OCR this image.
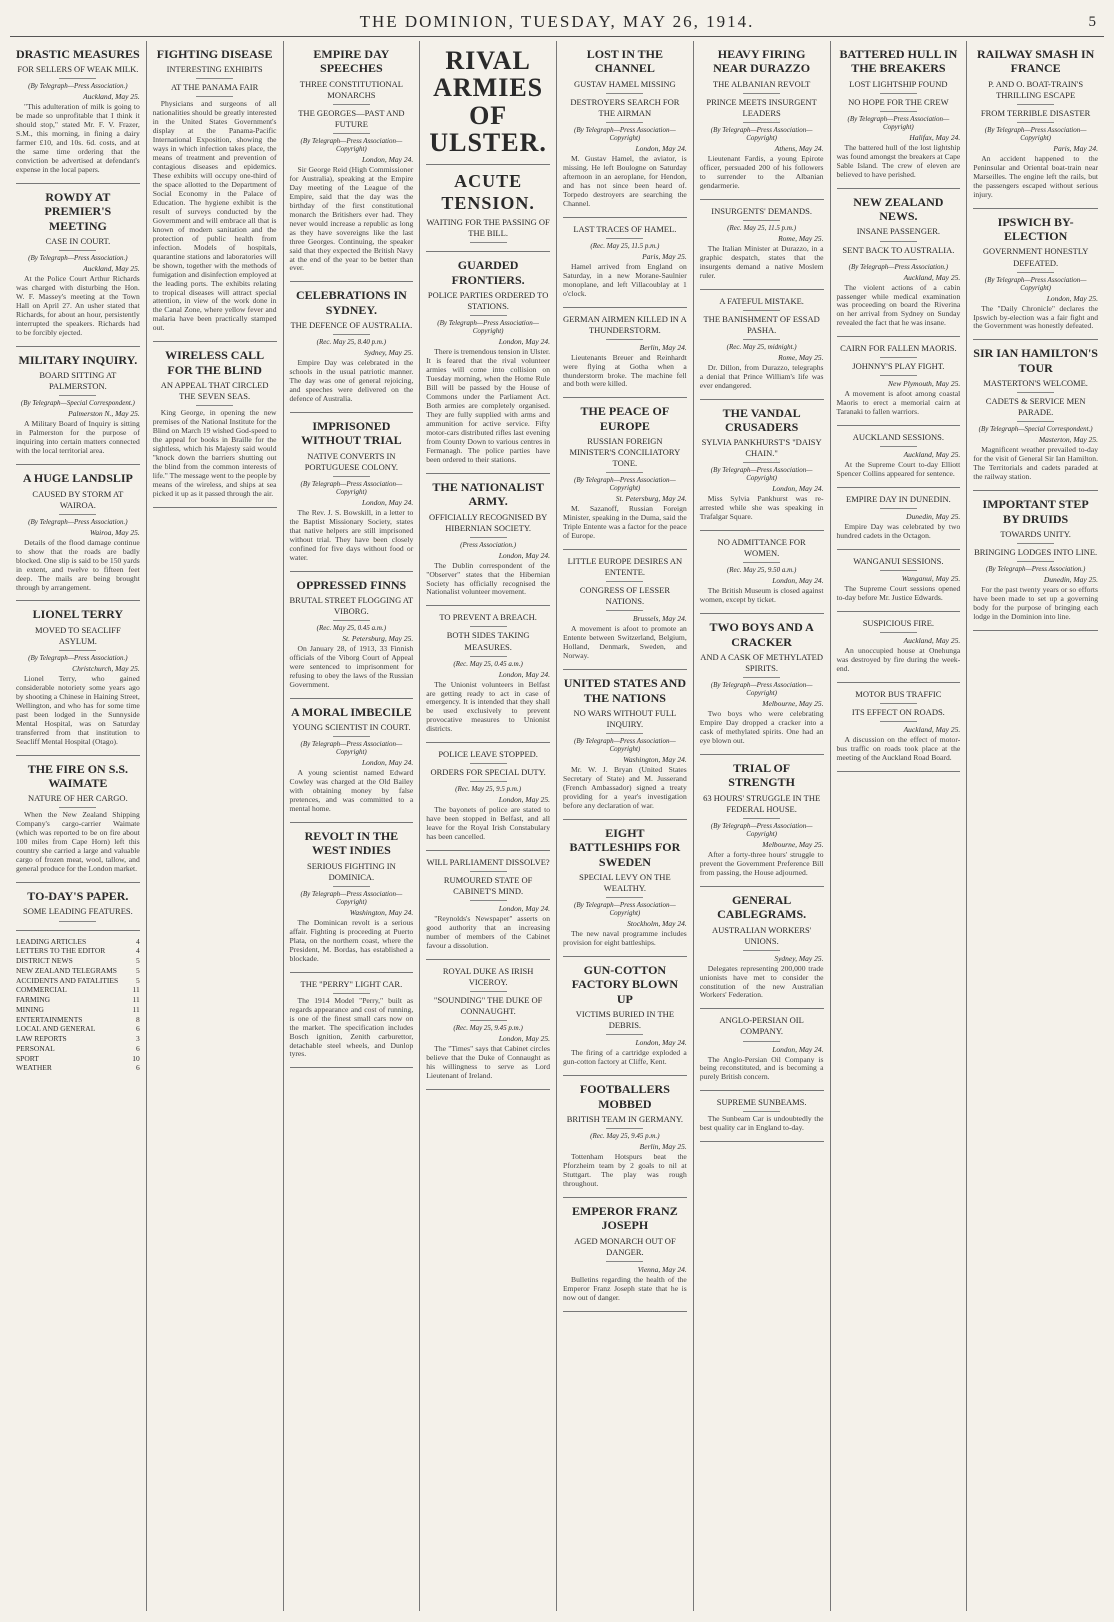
THE DOMINION, TUESDAY, MAY 26, 1914.	5
DRASTIC MEASURES
FOR SELLERS OF WEAK MILK.
(By Telegraph—Press Association.)
Auckland, May 25.
"This adulteration of milk is going to be made so unprofitable that I think it should stop," stated Mr. F. V. Frazer, S.M., this morning, in fining a dairy farmer £10, and 10s. 6d. costs, and at the same time ordering that the conviction be advertised at defendant's expense in the local papers.
ROWDY AT PREMIER'S MEETING
CASE IN COURT.
(By Telegraph—Press Association.)
Auckland, May 25.
At the Police Court Arthur Richards was charged with disturbing the Hon. W. F. Massey's meeting at the Town Hall on April 27. An usher stated that Richards, for about an hour, persistently interrupted the speakers. Richards had to be forcibly ejected.
MILITARY INQUIRY.
BOARD SITTING AT PALMERSTON.
(By Telegraph—Special Correspondent.)
Palmerston N., May 25.
A Military Board of Inquiry is sitting in Palmerston for the purpose of inquiring into certain matters connected with the local territorial area.
A HUGE LANDSLIP
CAUSED BY STORM AT WAIROA.
(By Telegraph—Press Association.)
Wairoa, May 25.
Details of the flood damage continue to show that the roads are badly blocked. One slip is said to be 150 yards in extent, and twelve to fifteen feet deep. The mails are being brought through by arrangement.
LIONEL TERRY
MOVED TO SEACLIFF ASYLUM.
(By Telegraph—Press Association.)
Christchurch, May 25.
Lionel Terry, who gained considerable notoriety some years ago by shooting a Chinese in Haining Street, Wellington, and who has for some time past been lodged in the Sunnyside Mental Hospital, was on Saturday transferred from that institution to Seacliff Mental Hospital (Otago).
THE FIRE ON S.S. WAIMATE
NATURE OF HER CARGO.
When the New Zealand Shipping Company's cargo-carrier Waimate (which was reported to be on fire about 100 miles from Cape Horn) left this country she carried a large and valuable cargo of frozen meat, wool, tallow, and general produce for the London market.
TO-DAY'S PAPER.
SOME LEADING FEATURES.
LEADING ARTICLES	4
LETTERS TO THE EDITOR	4
DISTRICT NEWS	5
NEW ZEALAND TELEGRAMS	5
ACCIDENTS AND FATALITIES 5
COMMERCIAL	11
FARMING	11
MINING	11
ENTERTAINMENTS	8
LOCAL AND GENERAL	6
LAW REPORTS	3
PERSONAL	6
SPORT	10
WEATHER	6
FIGHTING DISEASE
INTERESTING EXHIBITS
AT THE PANAMA FAIR
Physicians and surgeons of all nationalities should be greatly interested in the United States Government's display at the Panama-Pacific International Exposition, showing the ways in which infection takes place, the means of treatment and prevention of contagious diseases and epidemics. These exhibits will occupy one-third of the space allotted to the Department of Social Economy in the Palace of Education. The hygiene exhibit is the result of surveys conducted by the Government and will embrace all that is known of modern sanitation and the protection of public health from infection. Models of hospitals, quarantine stations and laboratories will be shown, together with the methods of fumigation and disinfection employed at the leading ports. The exhibits relating to tropical diseases will attract special attention, in view of the work done in the Canal Zone, where yellow fever and malaria have been practically stamped out.
WIRELESS CALL FOR THE BLIND
AN APPEAL THAT CIRCLED THE SEVEN SEAS.
King George, in opening the new premises of the National Institute for the Blind on March 19 wished God-speed to the appeal for books in Braille for the sightless, which his Majesty said would "knock down the barriers shutting out the blind from the common interests of life." The message went to the people by means of the wireless, and ships at sea picked it up as it passed through the air.
EMPIRE DAY SPEECHES
THREE CONSTITUTIONAL MONARCHS
THE GEORGES—PAST AND FUTURE
(By Telegraph—Press Association—Copyright)
London, May 24.
Sir George Reid (High Commissioner for Australia), speaking at the Empire Day meeting of the League of the Empire, said that the day was the birthday of the first constitutional monarch the Britishers ever had. They never would increase a republic as long as they have sovereigns like the last three Georges. Continuing, the speaker said that they expected the British Navy at the end of the year to be better than ever.
CELEBRATIONS IN SYDNEY.
THE DEFENCE OF AUSTRALIA.
(Rec. May 25, 8.40 p.m.)
Sydney, May 25.
Empire Day was celebrated in the schools in the usual patriotic manner. The day was one of general rejoicing, and speeches were delivered on the defence of Australia.
IMPRISONED WITHOUT TRIAL
NATIVE CONVERTS IN PORTUGUESE COLONY.
(By Telegraph—Press Association—Copyright)
London, May 24.
The Rev. J. S. Bowskill, in a letter to the Baptist Missionary Society, states that native helpers are still imprisoned without trial. They have been closely confined for five days without food or water.
OPPRESSED FINNS
BRUTAL STREET FLOGGING AT VIBORG.
(Rec. May 25, 0.45 a.m.)
St. Petersburg, May 25.
On January 28, of 1913, 33 Finnish officials of the Viborg Court of Appeal were sentenced to imprisonment for refusing to obey the laws of the Russian Government.
A MORAL IMBECILE
YOUNG SCIENTIST IN COURT.
(By Telegraph—Press Association—Copyright)
London, May 24.
A young scientist named Edward Cowley was charged at the Old Bailey with obtaining money by false pretences, and was committed to a mental home.
REVOLT IN THE WEST INDIES
SERIOUS FIGHTING IN DOMINICA.
(By Telegraph—Press Association—Copyright)
Washington, May 24.
The Dominican revolt is a serious affair. Fighting is proceeding at Puerto Plata, on the northern coast, where the President, M. Bordas, has established a blockade.
THE "PERRY" LIGHT CAR.
The 1914 Model "Perry," built as regards appearance and cost of running, is one of the finest small cars now on the market. The specification includes Bosch ignition, Zenith carburettor, detachable steel wheels, and Dunlop tyres.
RIVAL ARMIES OF ULSTER.
ACUTE TENSION.
WAITING FOR THE PASSING OF THE BILL.
GUARDED FRONTIERS.
POLICE PARTIES ORDERED TO STATIONS.
(By Telegraph—Press Association—Copyright)
London, May 24.
There is tremendous tension in Ulster. It is feared that the rival volunteer armies will come into collision on Tuesday morning, when the Home Rule Bill will be passed by the House of Commons under the Parliament Act. Both armies are completely organised. They are fully supplied with arms and ammunition for active service. Fifty motor-cars distributed rifles last evening from County Down to various centres in Fermanagh. The police parties have been ordered to their stations.
THE NATIONALIST ARMY.
OFFICIALLY RECOGNISED BY HIBERNIAN SOCIETY.
(Press Association.)
London, May 24.
The Dublin correspondent of the "Observer" states that the Hibernian Society has officially recognised the Nationalist volunteer movement.
TO PREVENT A BREACH.
BOTH SIDES TAKING MEASURES.
(Rec. May 25, 0.45 a.m.)
London, May 24.
The Unionist volunteers in Belfast are getting ready to act in case of emergency. It is intended that they shall be used exclusively to prevent provocative measures to Unionist districts.
POLICE LEAVE STOPPED.
ORDERS FOR SPECIAL DUTY.
(Rec. May 25, 9.5 p.m.)
London, May 25.
The bayonets of police are stated to have been stopped in Belfast, and all leave for the Royal Irish Constabulary has been cancelled.
WILL PARLIAMENT DISSOLVE?
RUMOURED STATE OF CABINET'S MIND.
London, May 24.
"Reynolds's Newspaper" asserts on good authority that an increasing number of members of the Cabinet favour a dissolution.
ROYAL DUKE AS IRISH VICEROY.
"SOUNDING" THE DUKE OF CONNAUGHT.
(Rec. May 25, 9.45 p.m.)
London, May 25.
The "Times" says that Cabinet circles believe that the Duke of Connaught as his willingness to serve as Lord Lieutenant of Ireland.
LOST IN THE CHANNEL
GUSTAV HAMEL MISSING
DESTROYERS SEARCH FOR THE AIRMAN
(By Telegraph—Press Association—Copyright)
London, May 24.
M. Gustav Hamel, the aviator, is missing. He left Boulogne on Saturday afternoon in an aeroplane, for Hendon, and has not since been heard of. Torpedo destroyers are searching the Channel.
LAST TRACES OF HAMEL.
(Rec. May 25, 11.5 p.m.)
Paris, May 25.
Hamel arrived from England on Saturday, in a new Morane-Saulnier monoplane, and left Villacoublay at 1 o'clock.
GERMAN AIRMEN KILLED IN A THUNDERSTORM.
Berlin, May 24.
Lieutenants Breuer and Reinhardt were flying at Gotha when a thunderstorm broke. The machine fell and both were killed.
THE PEACE OF EUROPE
RUSSIAN FOREIGN MINISTER'S CONCILIATORY TONE.
(By Telegraph—Press Association—Copyright)
St. Petersburg, May 24.
M. Sazanoff, Russian Foreign Minister, speaking in the Duma, said the Triple Entente was a factor for the peace of Europe.
LITTLE EUROPE DESIRES AN ENTENTE.
CONGRESS OF LESSER NATIONS.
Brussels, May 24.
A movement is afoot to promote an Entente between Switzerland, Belgium, Holland, Denmark, Sweden, and Norway.
UNITED STATES AND THE NATIONS
NO WARS WITHOUT FULL INQUIRY.
(By Telegraph—Press Association—Copyright)
Washington, May 24.
Mr. W. J. Bryan (United States Secretary of State) and M. Jusserand (French Ambassador) signed a treaty providing for a year's investigation before any declaration of war.
EIGHT BATTLESHIPS FOR SWEDEN
SPECIAL LEVY ON THE WEALTHY.
(By Telegraph—Press Association—Copyright)
Stockholm, May 24.
The new naval programme includes provision for eight battleships.
GUN-COTTON FACTORY BLOWN UP
VICTIMS BURIED IN THE DEBRIS.
London, May 24.
The firing of a cartridge exploded a gun-cotton factory at Cliffe, Kent.
FOOTBALLERS MOBBED
BRITISH TEAM IN GERMANY.
(Rec. May 25, 9.45 p.m.)
Berlin, May 25.
Tottenham Hotspurs beat the Pforzheim team by 2 goals to nil at Stuttgart. The play was rough throughout.
EMPEROR FRANZ JOSEPH
AGED MONARCH OUT OF DANGER.
Vienna, May 24.
Bulletins regarding the health of the Emperor Franz Joseph state that he is now out of danger.
HEAVY FIRING NEAR DURAZZO
THE ALBANIAN REVOLT
PRINCE MEETS INSURGENT LEADERS
(By Telegraph—Press Association—Copyright)
Athens, May 24.
Lieutenant Fardis, a young Epirote officer, persuaded 200 of his followers to surrender to the Albanian gendarmerie.
INSURGENTS' DEMANDS.
(Rec. May 25, 11.5 p.m.)
Rome, May 25.
The Italian Minister at Durazzo, in a graphic despatch, states that the insurgents demand a native Moslem ruler.
A FATEFUL MISTAKE.
THE BANISHMENT OF ESSAD PASHA.
(Rec. May 25, midnight.)
Rome, May 25.
Dr. Dillon, from Durazzo, telegraphs a denial that Prince William's life was ever endangered.
THE VANDAL CRUSADERS
SYLVIA PANKHURST'S "DAISY CHAIN."
(By Telegraph—Press Association—Copyright)
London, May 24.
Miss Sylvia Pankhurst was re-arrested while she was speaking in Trafalgar Square.
NO ADMITTANCE FOR WOMEN.
(Rec. May 25, 9.50 a.m.)
London, May 24.
The British Museum is closed against women, except by ticket.
TWO BOYS AND A CRACKER
AND A CASK OF METHYLATED SPIRITS.
(By Telegraph—Press Association—Copyright)
Melbourne, May 25.
Two boys who were celebrating Empire Day dropped a cracker into a cask of methylated spirits. One had an eye blown out.
TRIAL OF STRENGTH
63 HOURS' STRUGGLE IN THE FEDERAL HOUSE.
(By Telegraph—Press Association—Copyright)
Melbourne, May 25.
After a forty-three hours' struggle to prevent the Government Preference Bill from passing, the House adjourned.
GENERAL CABLEGRAMS.
AUSTRALIAN WORKERS' UNIONS.
Sydney, May 25.
Delegates representing 200,000 trade unionists have met to consider the constitution of the new Australian Workers' Federation.
ANGLO-PERSIAN OIL COMPANY.
London, May 24.
The Anglo-Persian Oil Company is being reconstituted, and is becoming a purely British concern.
SUPREME SUNBEAMS.
The Sunbeam Car is undoubtedly the best quality car in England to-day.
BATTERED HULL IN THE BREAKERS
LOST LIGHTSHIP FOUND
NO HOPE FOR THE CREW
(By Telegraph—Press Association—Copyright)
Halifax, May 24.
The battered hull of the lost lightship was found amongst the breakers at Cape Sable Island. The crew of eleven are believed to have perished.
NEW ZEALAND NEWS.
INSANE PASSENGER.
SENT BACK TO AUSTRALIA.
(By Telegraph—Press Association.)
Auckland, May 25.
The violent actions of a cabin passenger while medical examination was proceeding on board the Riverina on her arrival from Sydney on Sunday revealed the fact that he was insane.
CAIRN FOR FALLEN MAORIS.
JOHNNY'S PLAY FIGHT.
New Plymouth, May 25.
A movement is afoot among coastal Maoris to erect a memorial cairn at Taranaki to fallen warriors.
AUCKLAND SESSIONS.
Auckland, May 25.
At the Supreme Court to-day Elliott Spencer Collins appeared for sentence.
EMPIRE DAY IN DUNEDIN.
Dunedin, May 25.
Empire Day was celebrated by two hundred cadets in the Octagon.
WANGANUI SESSIONS.
Wanganui, May 25.
The Supreme Court sessions opened to-day before Mr. Justice Edwards.
SUSPICIOUS FIRE.
Auckland, May 25.
An unoccupied house at Onehunga was destroyed by fire during the week-end.
MOTOR BUS TRAFFIC
ITS EFFECT ON ROADS.
Auckland, May 25.
A discussion on the effect of motor-bus traffic on roads took place at the meeting of the Auckland Road Board.
RAILWAY SMASH IN FRANCE
P. AND O. BOAT-TRAIN'S THRILLING ESCAPE
FROM TERRIBLE DISASTER
(By Telegraph—Press Association—Copyright)
Paris, May 24.
An accident happened to the Peninsular and Oriental boat-train near Marseilles. The engine left the rails, but the passengers escaped without serious injury.
IPSWICH BY-ELECTION
GOVERNMENT HONESTLY DEFEATED.
(By Telegraph—Press Association—Copyright)
London, May 25.
The "Daily Chronicle" declares the Ipswich by-election was a fair fight and the Government was honestly defeated.
SIR IAN HAMILTON'S TOUR
MASTERTON'S WELCOME.
CADETS & SERVICE MEN PARADE.
(By Telegraph—Special Correspondent.)
Masterton, May 25.
Magnificent weather prevailed to-day for the visit of General Sir Ian Hamilton. The Territorials and cadets paraded at the railway station.
IMPORTANT STEP BY DRUIDS
TOWARDS UNITY.
BRINGING LODGES INTO LINE.
(By Telegraph—Press Association.)
Dunedin, May 25.
For the past twenty years or so efforts have been made to set up a governing body for the purpose of bringing each lodge in the Dominion into line.
